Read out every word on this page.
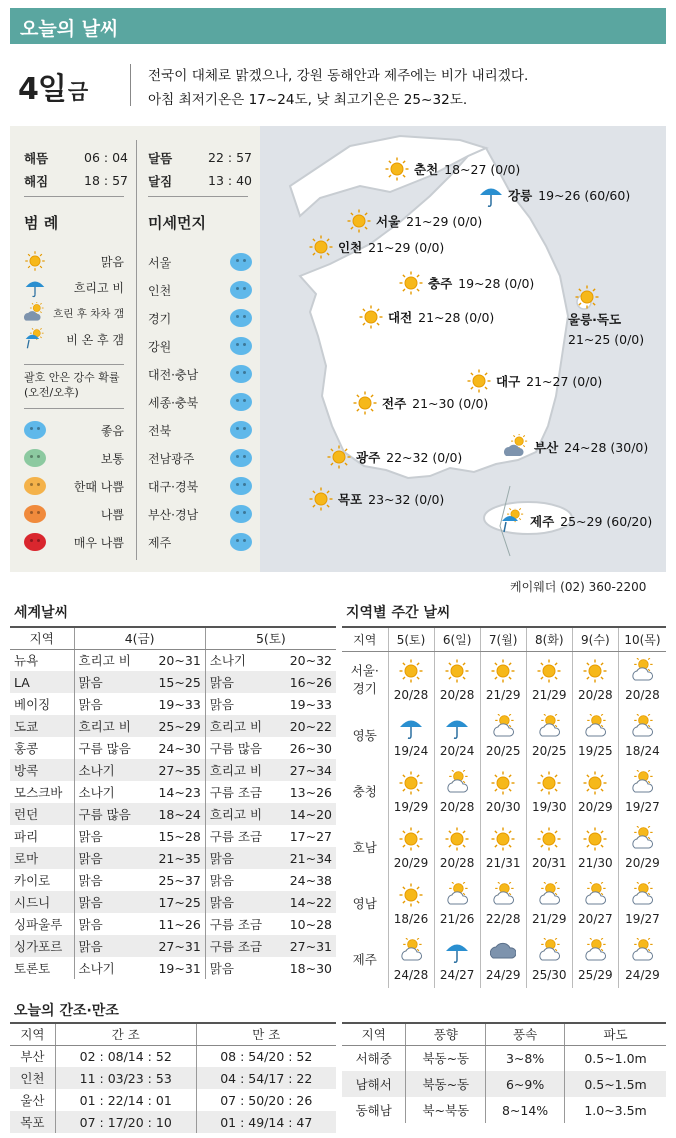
오늘의 날씨
4일금
전국이 대체로 맑겠으나, 강원 동해안과 제주에는 비가 내리겠다.
아침 최저기온은 17~24도, 낮 최고기온은 25~32도.
해뜸	06 : 04
해짐	18 : 57
달뜸	22 : 57
달짐	13 : 40
범 례
맑음
흐리고 비
흐린 후 차차 갬
비 온 후 갬
괄호 안은 강수 확률
(오전/오후)
좋음
보통
한때 나쁨
나쁨
매우 나쁨
미세먼지
서울
인천
경기
강원
대전·충남
세종·충북
전북
전남광주
대구·경북
부산·경남
제주
춘천 18~27 (0/0)
강릉 19~26 (60/60)
서울 21~29 (0/0)
인천 21~29 (0/0)
충주 19~28 (0/0)
대전 21~28 (0/0)	울릉·독도
21~25 (0/0)
대구 21~27 (0/0)
전주 21~30 (0/0)
부산 24~28 (30/0)
광주 22~32 (0/0)
목포 23~32 (0/0)
제주 25~29 (60/20)
케이웨더 (02) 360-2200
세계날씨
지역	4(금)		5(토)	
뉴욕	흐리고 비	20~31	소나기	20~32
LA	맑음	15~25	맑음	16~26
베이징	맑음	19~33	맑음	19~33
도쿄	흐리고 비	25~29	흐리고 비	20~22
홍콩	구름 많음	24~30	구름 많음	26~30
방콕	소나기	27~35	흐리고 비	27~34
모스크바	소나기	14~23	구름 조금	13~26
런던	구름 많음	18~24	흐리고 비	14~20
파리	맑음	15~28	구름 조금	17~27
로마	맑음	21~35	맑음	21~34
카이로	맑음	25~37	맑음	24~38
시드니	맑음	17~25	맑음	14~22
싱파울루	맑음	11~26	구름 조금	10~28
싱가포르	맑음	27~31	구름 조금	27~31
토론토	소나기	19~31	맑음	18~30
지역별 주간 날씨
지역	5(토)	6(일)	7(월)	8(화)	9(수)	10(목)
서울·
경기	20/28	20/28	21/29	21/29	20/28	20/28

영동	19/24	20/24	20/25	20/25	19/25	18/24

충청	19/29	20/28	20/30	19/30	20/29	19/27

호남	20/29	20/28	21/31	20/31	21/30	20/29

영남	18/26	21/26	22/28	21/29	20/27	19/27

제주	24/28	24/27	24/29	25/30	25/29	24/29
오늘의 간조·만조
지역	간 조	만 조
부산	02 : 08/14 : 52	08 : 54/20 : 52
인천	11 : 03/23 : 53	04 : 54/17 : 22
울산	01 : 22/14 : 01	07 : 50/20 : 26
목포	07 : 17/20 : 10	01 : 49/14 : 47
지역	풍향	풍속	파도
서해중	북동~동	3~8%	0.5~1.0m
남해서	북동~동	6~9%	0.5~1.5m
동해남	북~북동	8~14%	1.0~3.5m
